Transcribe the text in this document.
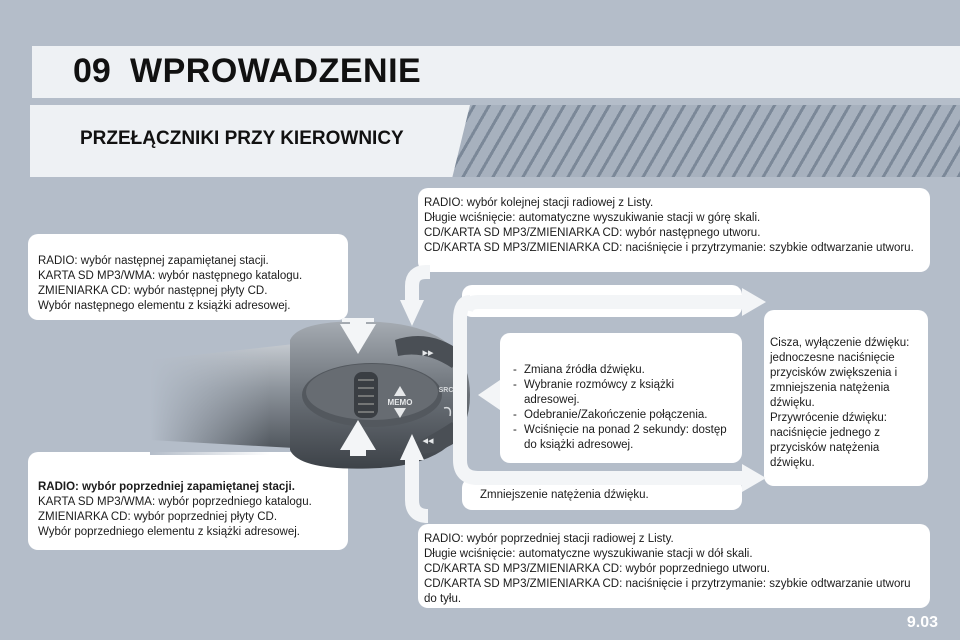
09 WPROWADZENIE
PRZEŁĄCZNIKI PRZY KIEROWNICY

RADIO: wybór kolejnej stacji radiowej z Listy.
Długie wciśnięcie: automatyczne wyszukiwanie stacji w górę skali.
CD/KARTA SD MP3/ZMIENIARKA CD: wybór następnego utworu.
CD/KARTA SD MP3/ZMIENIARKA CD: naciśnięcie i przytrzymanie: szybkie odtwarzanie utworu.

RADIO: wybór następnej zapamiętanej stacji.
KARTA SD MP3/WMA: wybór następnego katalogu.
ZMIENIARKA CD: wybór następnej płyty CD.
Wybór następnego elementu z książki adresowej.	Zwiększenie natężenia dźwięku.

- Zmiana źródła dźwięku.
- Wybranie rozmówcy z książki adresowej.
- Odebranie/Zakończenie połączenia.
- Wciśnięcie na ponad 2 sekundy: dostęp do książki adresowej.

Cisza, wyłączenie dźwięku: jednoczesne naciśnięcie przycisków zwiększenia i zmniejszenia natężenia dźwięku.
Przywrócenie dźwięku: naciśnięcie jednego z przycisków natężenia dźwięku.

Zmniejszenie natężenia dźwięku.

RADIO: wybór poprzedniej zapamiętanej stacji.

KARTA SD MP3/WMA: wybór poprzedniego katalogu.
ZMIENIARKA CD: wybór poprzedniej płyty CD.
Wybór poprzedniego elementu z książki adresowej.

RADIO: wybór poprzedniej stacji radiowej z Listy.
Długie wciśnięcie: automatyczne wyszukiwanie stacji w dół skali.
CD/KARTA SD MP3/ZMIENIARKA CD: wybór poprzedniego utworu.
CD/KARTA SD MP3/ZMIENIARKA CD: naciśnięcie i przytrzymanie: szybkie odtwarzanie utworu do tyłu.

MEMO
▸▸
◂◂
SRC
9.03
